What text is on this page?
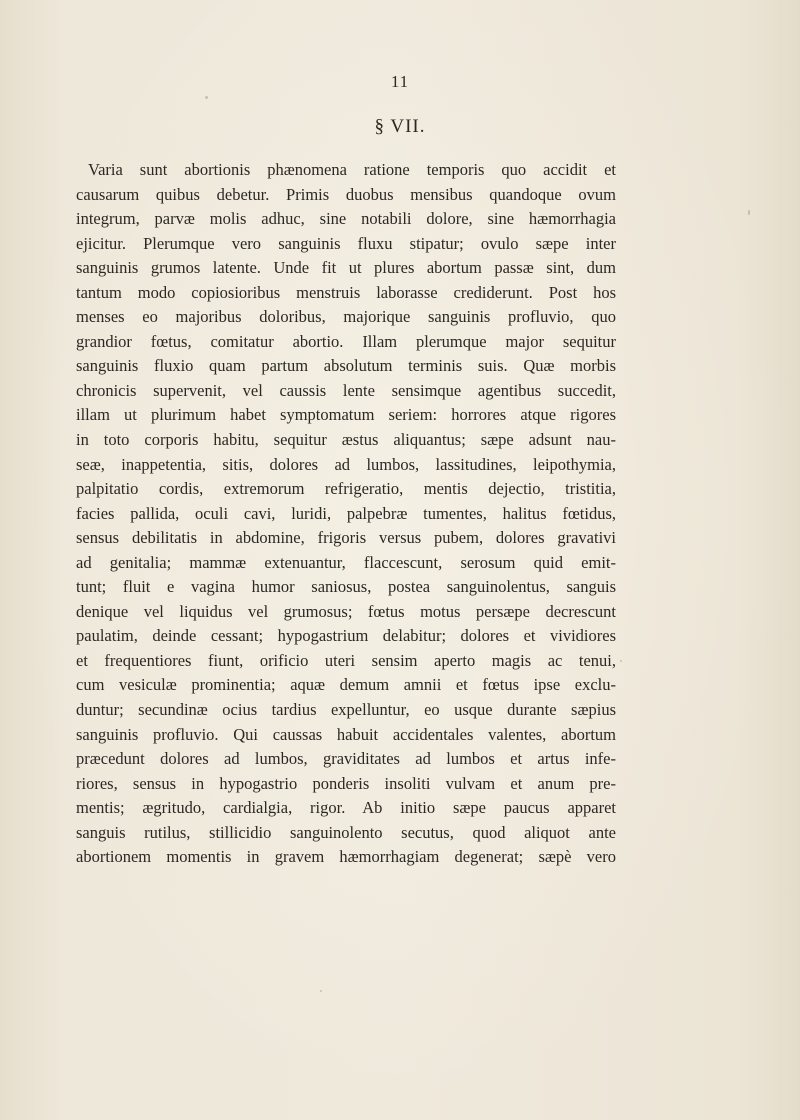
11
§ VII.
Varia sunt abortionis phænomena ratione temporis quo accidit et
causarum quibus debetur. Primis duobus mensibus quandoque ovum
integrum, parvæ molis adhuc, sine notabili dolore, sine hæmorrhagia
ejicitur. Plerumque vero sanguinis fluxu stipatur; ovulo sæpe inter
sanguinis grumos latente. Unde fit ut plures abortum passæ sint, dum
tantum modo copiosioribus menstruis laborasse crediderunt. Post hos
menses eo majoribus doloribus, majorique sanguinis profluvio, quo
grandior fœtus, comitatur abortio. Illam plerumque major sequitur
sanguinis fluxio quam partum absolutum terminis suis. Quæ morbis
chronicis supervenit, vel caussis lente sensimque agentibus succedit,
illam ut plurimum habet symptomatum seriem: horrores atque rigores
in toto corporis habitu, sequitur æstus aliquantus; sæpe adsunt nau-
seæ, inappetentia, sitis, dolores ad lumbos, lassitudines, leipothymia,
palpitatio cordis, extremorum refrigeratio, mentis dejectio, tristitia,
facies pallida, oculi cavi, luridi, palpebræ tumentes, halitus fœtidus,
sensus debilitatis in abdomine, frigoris versus pubem, dolores gravativi
ad genitalia; mammæ extenuantur, flaccescunt, serosum quid emit-
tunt; fluit e vagina humor saniosus, postea sanguinolentus, sanguis
denique vel liquidus vel grumosus; fœtus motus persæpe decrescunt
paulatim, deinde cessant; hypogastrium delabitur; dolores et vividiores
et frequentiores fiunt, orificio uteri sensim aperto magis ac tenui,
cum vesiculæ prominentia; aquæ demum amnii et fœtus ipse exclu-
duntur; secundinæ ocius tardius expelluntur, eo usque durante sæpius
sanguinis profluvio. Qui caussas habuit accidentales valentes, abortum
præcedunt dolores ad lumbos, graviditates ad lumbos et artus infe-
riores, sensus in hypogastrio ponderis insoliti vulvam et anum pre-
mentis; ægritudo, cardialgia, rigor. Ab initio sæpe paucus apparet
sanguis rutilus, stillicidio sanguinolento secutus, quod aliquot ante
abortionem momentis in gravem hæmorrhagiam degenerat; sæpè vero
